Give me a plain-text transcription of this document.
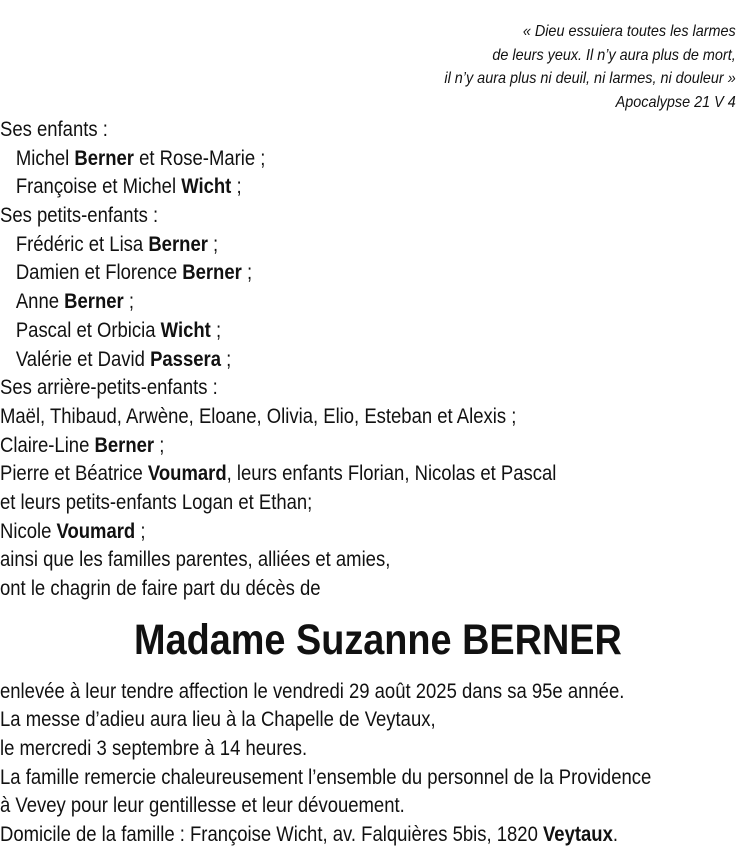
« Dieu essuiera toutes les larmes
de leurs yeux. Il n’y aura plus de mort,
il n’y aura plus ni deuil, ni larmes, ni douleur »
Apocalypse 21 V 4
Ses enfants :
Michel Berner et Rose-Marie ;
Françoise et Michel Wicht ;
Ses petits-enfants :
Frédéric et Lisa Berner ;
Damien et Florence Berner ;
Anne Berner ;
Pascal et Orbicia Wicht ;
Valérie et David Passera ;
Ses arrière-petits-enfants :
Maël, Thibaud, Arwène, Eloane, Olivia, Elio, Esteban et Alexis ;
Claire-Line Berner ;
Pierre et Béatrice Voumard, leurs enfants Florian, Nicolas et Pascal
et leurs petits-enfants Logan et Ethan;
Nicole Voumard ;
ainsi que les familles parentes, alliées et amies,
ont le chagrin de faire part du décès de
Madame Suzanne BERNER
enlevée à leur tendre affection le vendredi 29 août 2025 dans sa 95e année.
La messe d’adieu aura lieu à la Chapelle de Veytaux,
le mercredi 3 septembre à 14 heures.
La famille remercie chaleureusement l’ensemble du personnel de la Providence
à Vevey pour leur gentillesse et leur dévouement.
Domicile de la famille : Françoise Wicht, av. Falquières 5bis, 1820 Veytaux.
